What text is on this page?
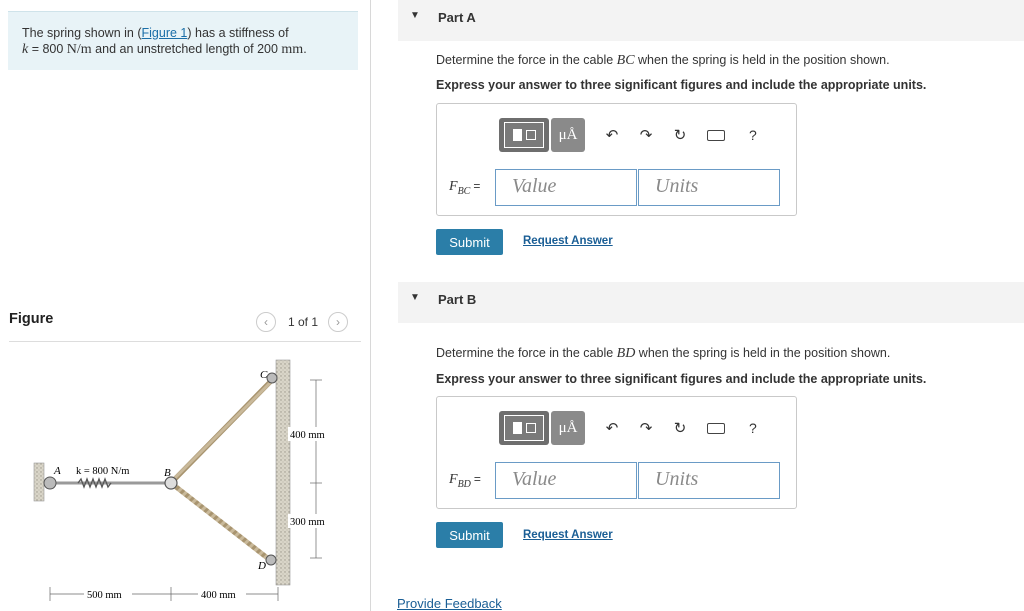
The spring shown in (Figure 1) has a stiffness of
k = 800 N/m and an unstretched length of 200 mm.
Figure	‹	1 of 1	›
C
A k = 800 N/m	B
D
400 mm
300 mm
500 mm	400 mm
▼ Part A
Determine the force in the cable BC when the spring is held in the position shown.
Express your answer to three significant figures and include the appropriate units.
μÅ	↶ ↷ ↻	?
$F_{BC}$ =	Value	Units
Submit	Request Answer
▼ Part B
Determine the force in the cable BD when the spring is held in the position shown.
Express your answer to three significant figures and include the appropriate units.
μÅ	↶ ↷ ↻	?
$F_{BD}$ =	Value	Units
Submit	Request Answer
Provide Feedback
